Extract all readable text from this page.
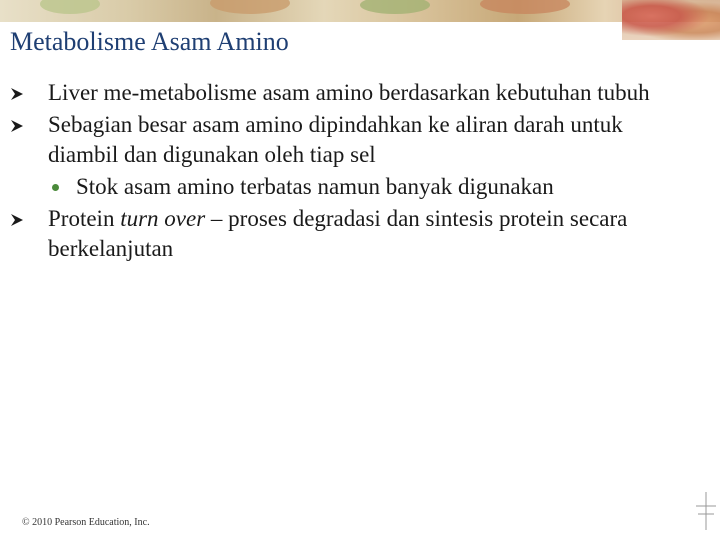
Metabolisme Asam Amino

Liver me-metabolisme asam amino berdasarkan kebutuhan tubuh

Sebagian besar asam amino dipindahkan ke aliran darah untuk diambil dan digunakan oleh tiap sel

Stok asam amino terbatas namun banyak digunakan

Protein turn over – proses degradasi dan sintesis protein secara berkelanjutan

© 2010 Pearson Education, Inc.
